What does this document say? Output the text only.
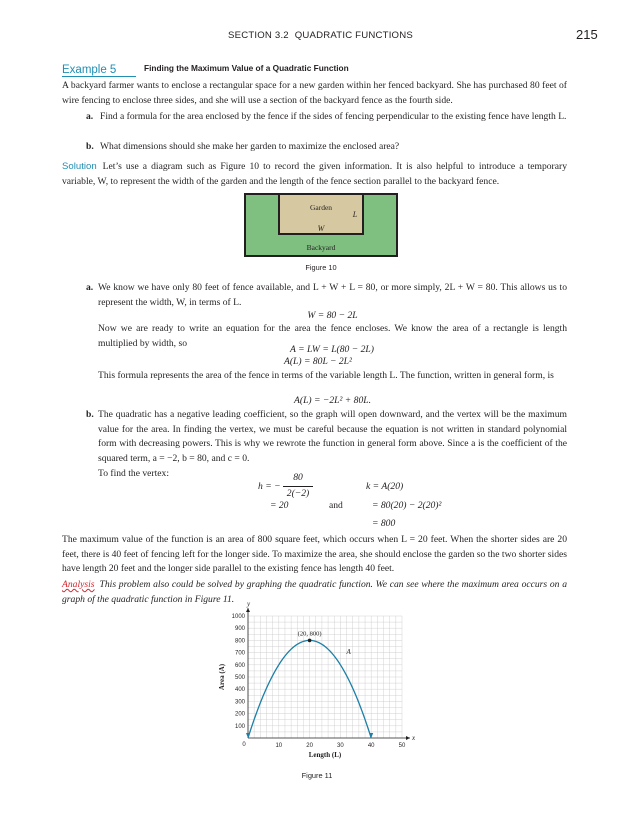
SECTION 3.2 QUADRATIC FUNCTIONS	215
Example 5	Finding the Maximum Value of a Quadratic Function
A backyard farmer wants to enclose a rectangular space for a new garden within her fenced backyard. She has purchased 80 feet of wire fencing to enclose three sides, and she will use a section of the backyard fence as the fourth side.
a. Find a formula for the area enclosed by the fence if the sides of fencing perpendicular to the existing fence have length L.
b. What dimensions should she make her garden to maximize the enclosed area?
Solution Let’s use a diagram such as Figure 10 to record the given information. It is also helpful to introduce a temporary variable, W, to represent the width of the garden and the length of the fence section parallel to the backyard fence.
Garden
L
W
Backyard
Figure 10
a. We know we have only 80 feet of fence available, and L + W + L = 80, or more simply, 2L + W = 80. This allows us to represent the width, W, in terms of L.
W = 80 − 2L
Now we are ready to write an equation for the area the fence encloses. We know the area of a rectangle is length multiplied by width, so
A = LW = L(80 − 2L)
A(L) = 80L − 2L²
This formula represents the area of the fence in terms of the variable length L. The function, written in general form, is
A(L) = −2L² + 80L.
b. The quadratic has a negative leading coefficient, so the graph will open downward, and the vertex will be the maximum value for the area. In finding the vertex, we must be careful because the equation is not written in standard polynomial form with decreasing powers. This is why we rewrote the function in general form above. Since a is the coefficient of the squared term, a = −2, b = 80, and c = 0.
To find the vertex:
h = −
80
2(−2)
= 20	and
k = A(20)
= 80(20) − 2(20)²
= 800
The maximum value of the function is an area of 800 square feet, which occurs when L = 20 feet. When the shorter sides are 20 feet, there is 40 feet of fencing left for the longer side. To maximize the area, she should enclose the garden so the two shorter sides have length 20 feet and the longer side parallel to the existing fence has length 40 feet.
Analysis This problem also could be solved by graphing the quadratic function. We can see where the maximum area occurs on a graph of the quadratic function in Figure 11.
x
y
10	20	30	40	50
100
200
300
400
500
600
700
800
900
1000
0
Length (L)
Area (A)
A
(20, 800)
Figure 11
